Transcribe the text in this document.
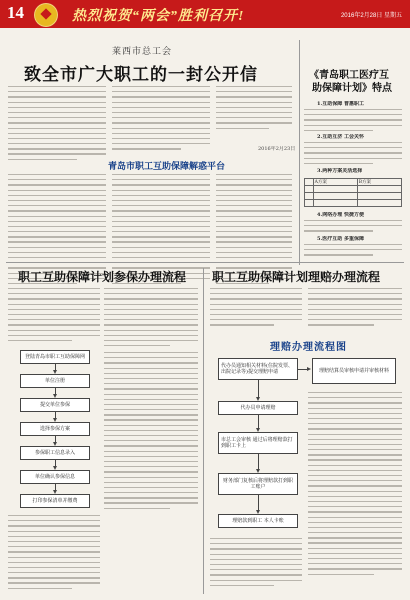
14	热烈祝贺“两会”胜利召开!	2016年2月28日 星期五
莱西市总工会
致全市广大职工的一封公开信
2016年2月23日
青岛市职工互助保障解惑平台
《青岛职工医疗互
助保障计划》特点
1.互助保障 普惠职工
2.互助互济 工会关怀
3.两种方案灵活选择
	A方案	B方案

4.网络办理 快捷方便
5.医疗互助 多重保障
职工互助保障计划参保办理流程
登陆青岛市职工互助保障网
单位注册
提交单位参保
选择参保方案
参保职工信息录入
单位确认参保信息
打印参保清单并缴费
职工互助保障计划理赔办理流程
理赔办理流程图
代办员通知相关材料(住院发票、出院记录等)提交理赔申请	理赔结算员审核申请并审核材料
代办员申请理赔
市总工会审核 通过后将理赔款打到职工卡上
财务部门复核后将理赔款打到职工账户
理赔款到职工 本人卡账
